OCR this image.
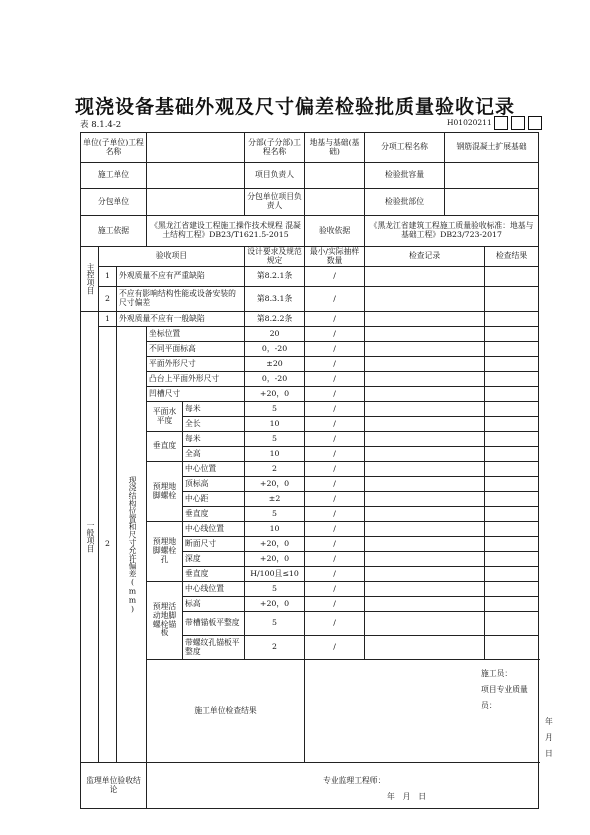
现浇设备基础外观及尺寸偏差检验批质量验收记录
表 8.1.4-2	H01020211
单位(子单位)工程名称					分部(子分部)工程名称	地基与基础(基础)	分项工程名称	钢筋混凝土扩展基础	
施工单位					项目负责人		检验批容量		
分包单位					分包单位项目负责人		检验批部位		
施工依据			《黑龙江省建设工程施工操作技术规程 混凝土结构工程》DB23/T1621.5-2015			验收依据	《黑龙江省建筑工程施工质量验收标准：地基与基础工程》DB23/723-2017		

主控项目	验收项目				设计要求及规范规定	最小/实际抽样数量	检查记录		检查结果
	1	外观质量不应有严重缺陷			第8.2.1条	/			
	2	不应有影响结构性能或设备安装的尺寸偏差			第8.3.1条	/			

一般项目	1	外观质量不应有一般缺陷			第8.2.2条	/			
	2	现浇结构位置和尺寸允许偏差(mm)	坐标位置		20	/			
			不同平面标高		0，-20	/			
			平面外形尺寸		±20	/			
			凸台上平面外形尺寸		0，-20	/			
			凹槽尺寸		+20，0	/			
			平面水平度	每米	5	/			
				全长	10	/			
			垂直度	每米	5	/			
				全高	10	/			
			预埋地脚螺栓	中心位置	2	/			
				顶标高	+20，0	/			
				中心距	±2	/			
				垂直度	5	/			
			预埋地脚螺栓孔	中心线位置	10	/			
				断面尺寸	+20，0	/			
				深度	+20，0	/			
				垂直度	H/100且≤10	/			
			预埋活动地脚螺栓锚板	中心线位置	5	/			
				标高	+20，0	/			
				带槽锚板平整度	5	/			
				带螺纹孔锚板平整度	2	/			
			施工单位检查结果			施工员：
项目专业质量员：
年　月　日			

监理单位验收结论			专业监理工程师：
年　月　日						
